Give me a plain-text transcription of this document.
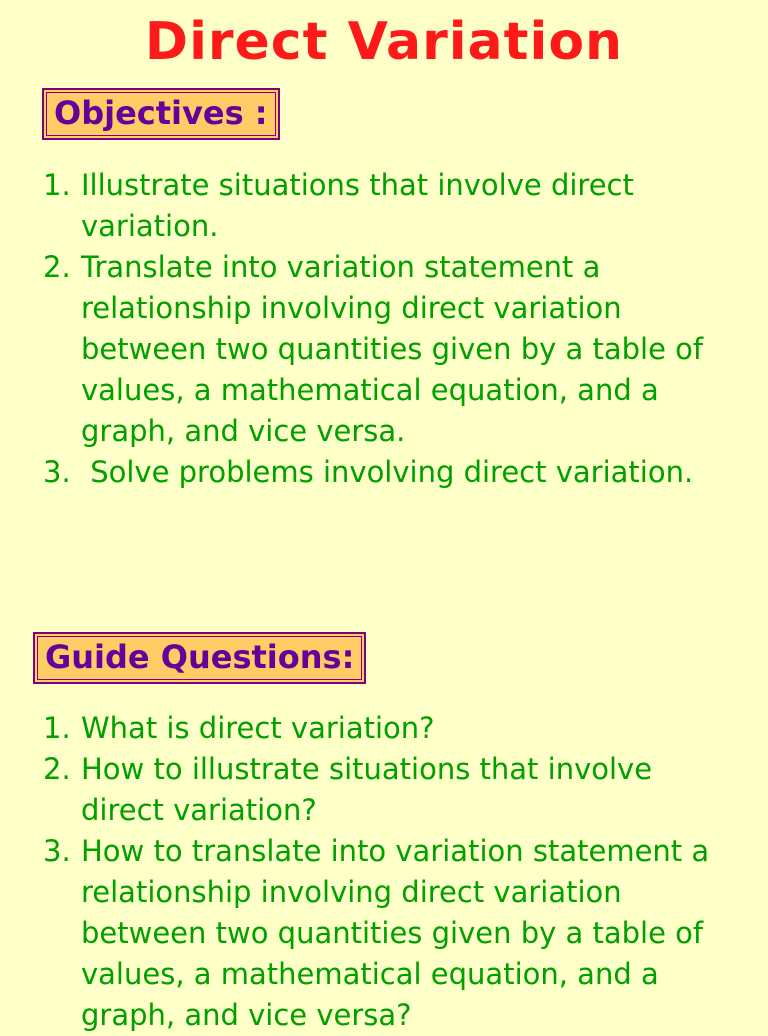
Direct Variation
Objectives :
1. Illustrate situations that involve direct variation.
2. Translate into variation statement a relationship involving direct variation between two quantities given by a table of values, a mathematical equation, and a graph, and vice versa.
3. Solve problems involving direct variation.
Guide Questions:
1. What is direct variation?
2. How to illustrate situations that involve direct variation?
3. How to translate into variation statement a relationship involving direct variation between two quantities given by a table of values, a mathematical equation, and a graph, and vice versa?
